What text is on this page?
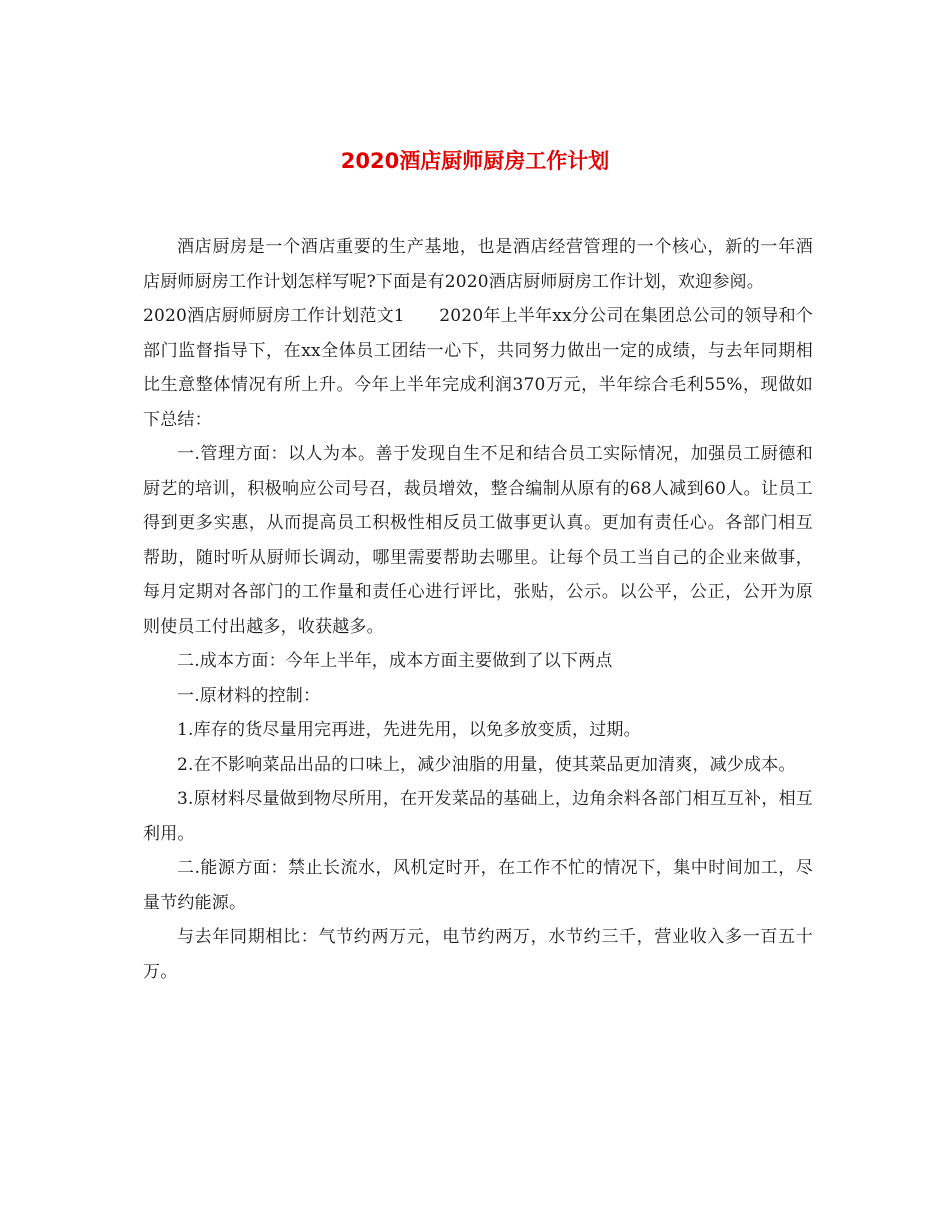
2020酒店厨师厨房工作计划

酒店厨房是一个酒店重要的生产基地，也是酒店经营管理的一个核心，新的一年酒店厨师厨房工作计划怎样写呢?下面是有2020酒店厨师厨房工作计划，欢迎参阅。

2020酒店厨师厨房工作计划范文1　　2020年上半年xx分公司在集团总公司的领导和个部门监督指导下，在xx全体员工团结一心下，共同努力做出一定的成绩，与去年同期相比生意整体情况有所上升。今年上半年完成利润370万元，半年综合毛利55%，现做如下总结：

一.管理方面：以人为本。善于发现自生不足和结合员工实际情况，加强员工厨德和厨艺的培训，积极响应公司号召，裁员增效，整合编制从原有的68人减到60人。让员工得到更多实惠，从而提高员工积极性相反员工做事更认真。更加有责任心。各部门相互帮助，随时听从厨师长调动，哪里需要帮助去哪里。让每个员工当自己的企业来做事，每月定期对各部门的工作量和责任心进行评比，张贴，公示。以公平，公正，公开为原则使员工付出越多，收获越多。

二.成本方面：今年上半年，成本方面主要做到了以下两点

一.原材料的控制：

1.库存的货尽量用完再进，先进先用，以免多放变质，过期。

2.在不影响菜品出品的口味上，减少油脂的用量，使其菜品更加清爽，减少成本。

3.原材料尽量做到物尽所用，在开发菜品的基础上，边角余料各部门相互互补，相互利用。

二.能源方面：禁止长流水，风机定时开，在工作不忙的情况下，集中时间加工，尽量节约能源。

与去年同期相比：气节约两万元，电节约两万，水节约三千，营业收入多一百五十万。
